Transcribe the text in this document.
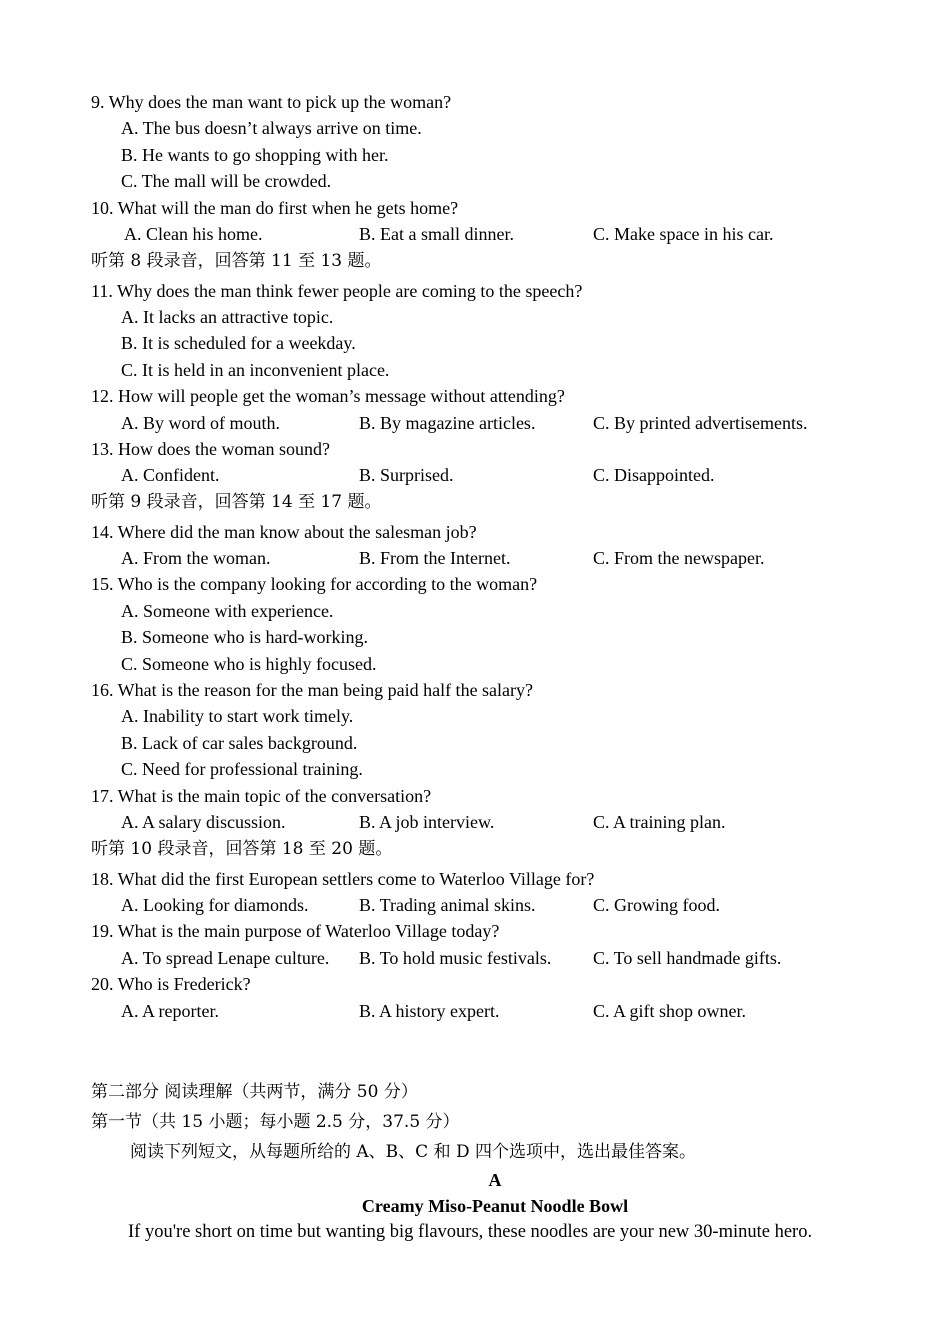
9. Why does the man want to pick up the woman?
A. The bus doesn’t always arrive on time.
B. He wants to go shopping with her.
C. The mall will be crowded.
10. What will the man do first when he gets home?
A. Clean his home.	B. Eat a small dinner.	C. Make space in his car.
听第 8 段录音，回答第 11 至 13 题。
11. Why does the man think fewer people are coming to the speech?
A. It lacks an attractive topic.
B. It is scheduled for a weekday.
C. It is held in an inconvenient place.
12. How will people get the woman’s message without attending?
A. By word of mouth.	B. By magazine articles.	C. By printed advertisements.
13. How does the woman sound?
A. Confident.	B. Surprised.	C. Disappointed.
听第 9 段录音，回答第 14 至 17 题。
14. Where did the man know about the salesman job?
A. From the woman.	B. From the Internet.	C. From the newspaper.
15. Who is the company looking for according to the woman?
A. Someone with experience.
B. Someone who is hard-working.
C. Someone who is highly focused.
16. What is the reason for the man being paid half the salary?
A. Inability to start work timely.
B. Lack of car sales background.
C. Need for professional training.
17. What is the main topic of the conversation?
A. A salary discussion.	B. A job interview.	C. A training plan.
听第 10 段录音，回答第 18 至 20 题。
18. What did the first European settlers come to Waterloo Village for?
A. Looking for diamonds.	B. Trading animal skins.	C. Growing food.
19. What is the main purpose of Waterloo Village today?
A. To spread Lenape culture. B. To hold music festivals. C. To sell handmade gifts.
20. Who is Frederick?
A. A reporter.	B. A history expert.	C. A gift shop owner.
第二部分 阅读理解（共两节，满分 50 分）
第一节（共 15 小题；每小题 2.5 分，37.5 分）
阅读下列短文，从每题所给的 A、B、C 和 D 四个选项中，选出最佳答案。
A
Creamy Miso-Peanut Noodle Bowl
If you're short on time but wanting big flavours, these noodles are your new 30-minute hero.
